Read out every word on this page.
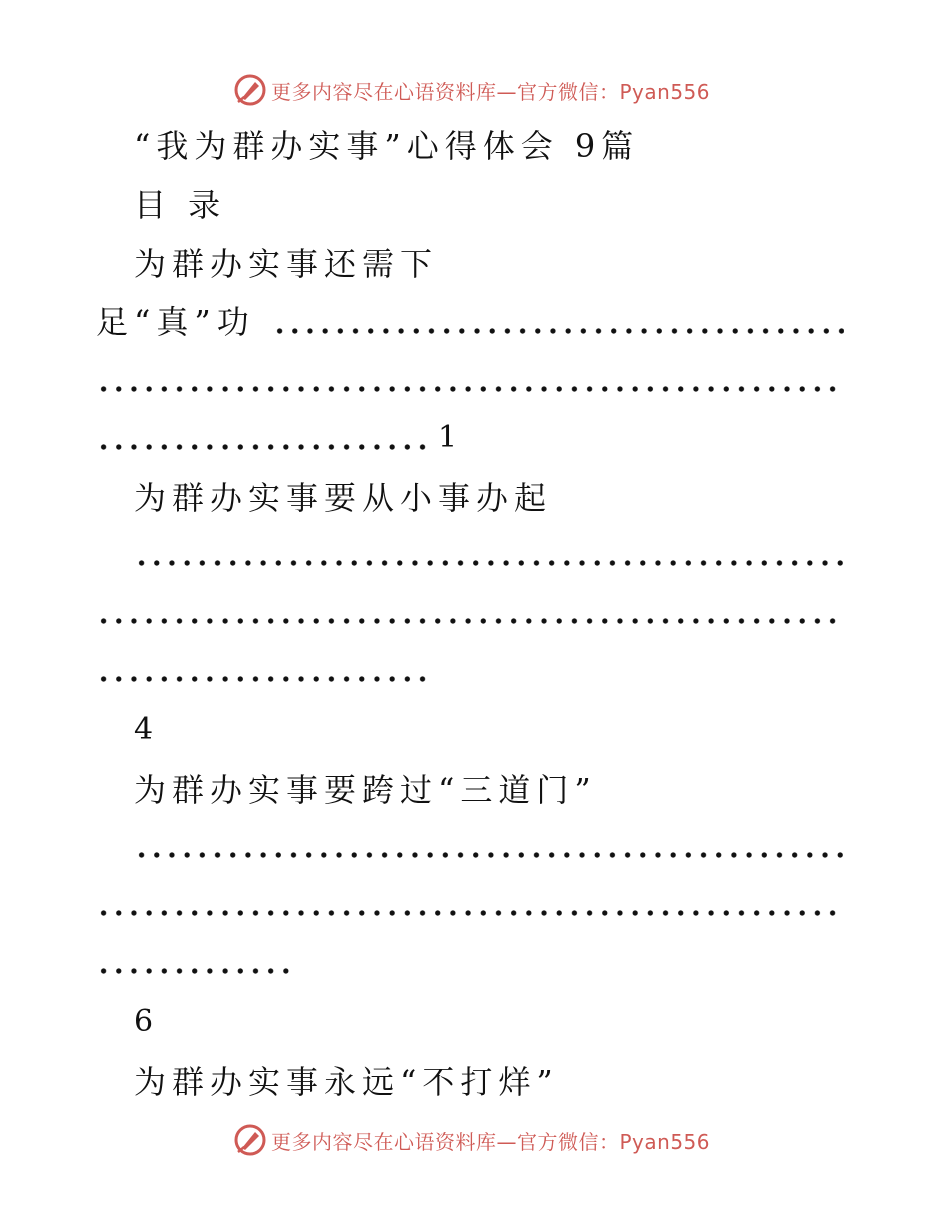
更多内容尽在心语资料库—官方微信：Pyan556
“我为群办实事”心得体会 9篇
目 录
为群办实事还需下
足“真”功
1
为群办实事要从小事办起
4
为群办实事要跨过“三道门”
6
为群办实事永远“不打烊”
更多内容尽在心语资料库—官方微信：Pyan556
